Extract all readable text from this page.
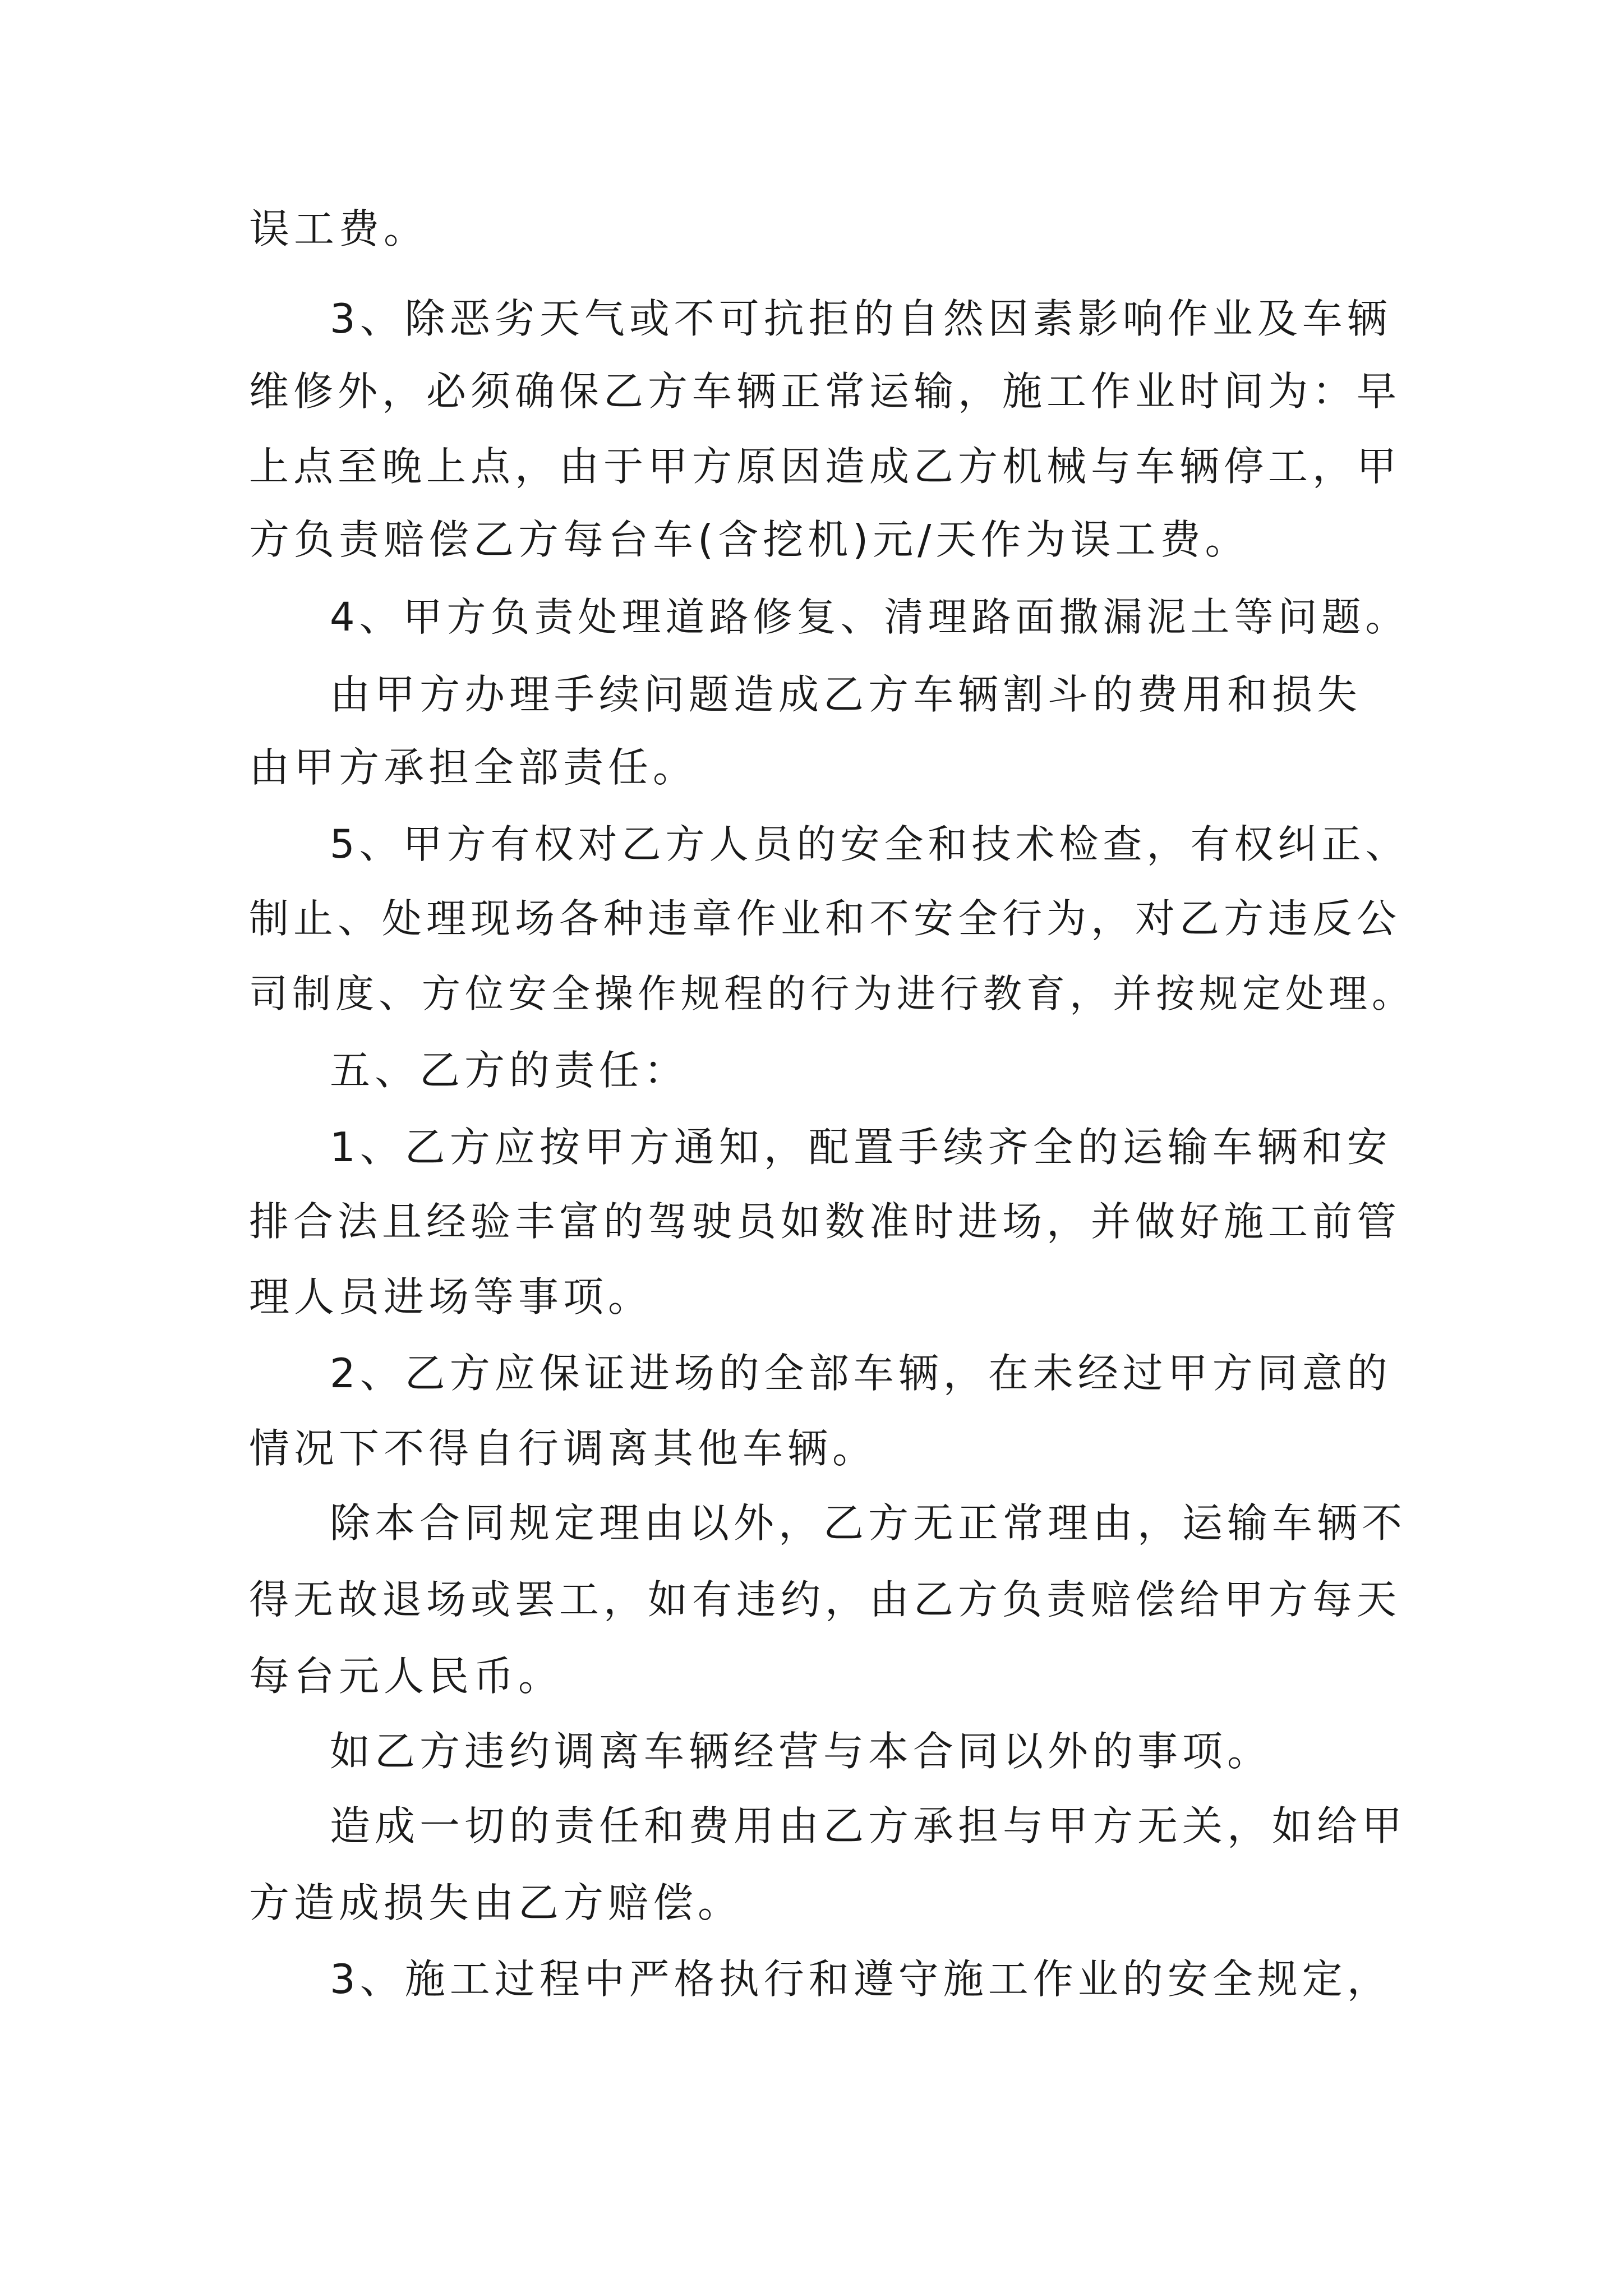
误工费。
3、除恶劣天气或不可抗拒的自然因素影响作业及车辆
维修外，必须确保乙方车辆正常运输，施工作业时间为：早
上点至晚上点，由于甲方原因造成乙方机械与车辆停工，甲
方负责赔偿乙方每台车(含挖机)元/天作为误工费。
4、甲方负责处理道路修复、清理路面撒漏泥土等问题。
由甲方办理手续问题造成乙方车辆割斗的费用和损失
由甲方承担全部责任。
5、甲方有权对乙方人员的安全和技术检查，有权纠正、
制止、处理现场各种违章作业和不安全行为，对乙方违反公
司制度、方位安全操作规程的行为进行教育，并按规定处理。
五、乙方的责任：
1、乙方应按甲方通知，配置手续齐全的运输车辆和安
排合法且经验丰富的驾驶员如数准时进场，并做好施工前管
理人员进场等事项。
2、乙方应保证进场的全部车辆，在未经过甲方同意的
情况下不得自行调离其他车辆。
除本合同规定理由以外，乙方无正常理由，运输车辆不
得无故退场或罢工，如有违约，由乙方负责赔偿给甲方每天
每台元人民币。
如乙方违约调离车辆经营与本合同以外的事项。
造成一切的责任和费用由乙方承担与甲方无关，如给甲
方造成损失由乙方赔偿。
3、施工过程中严格执行和遵守施工作业的安全规定，
